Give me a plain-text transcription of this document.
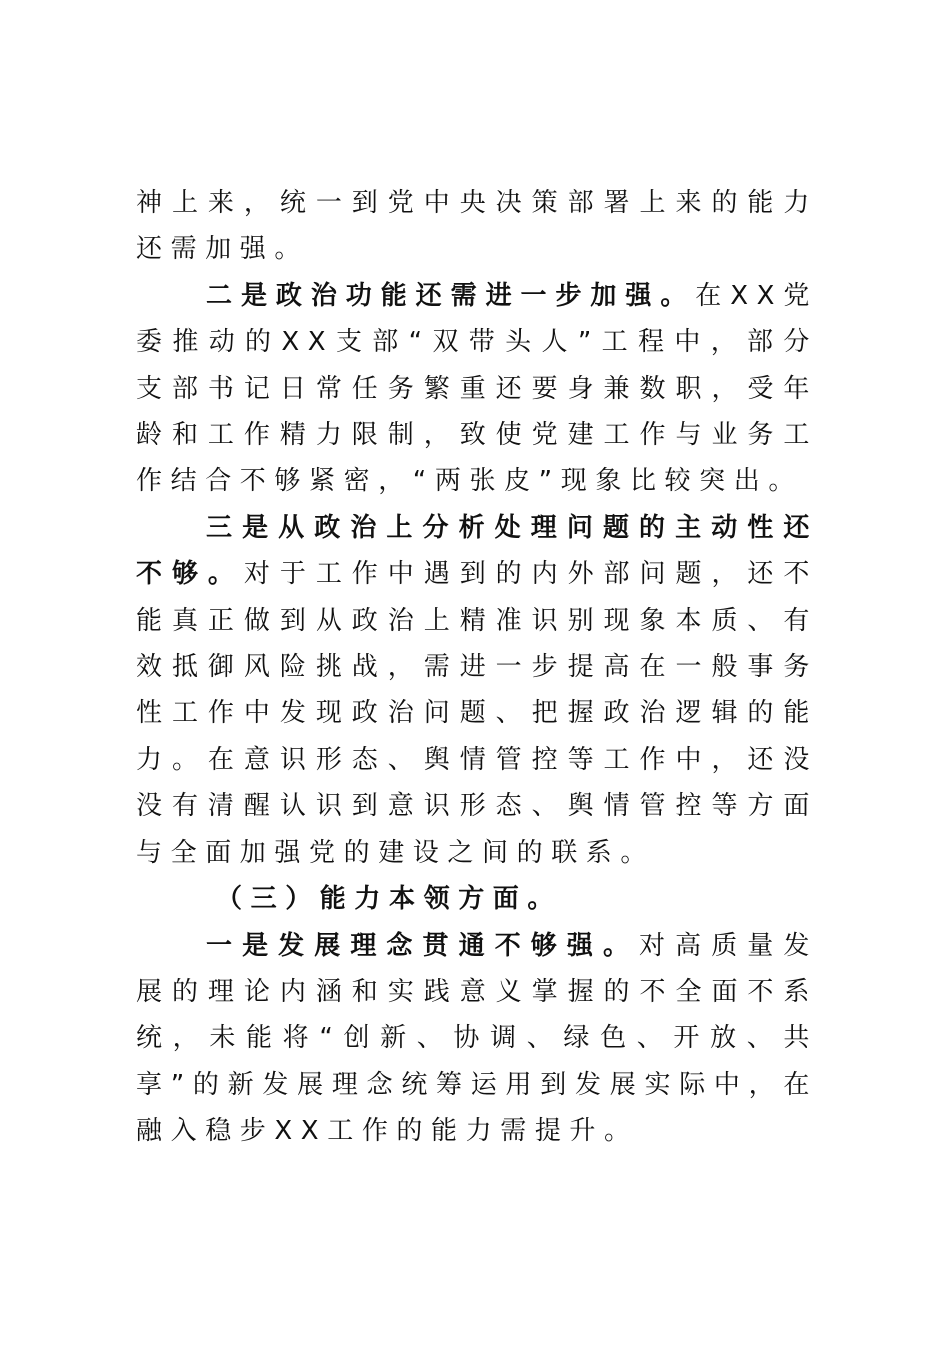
神上来，统一到党中央决策部署上来的能力还需加强。

二是政治功能还需进一步加强。在XX党委推动的XX支部“双带头人”工程中，部分支部书记日常任务繁重还要身兼数职，受年龄和工作精力限制，致使党建工作与业务工作结合不够紧密，“两张皮”现象比较突出。

三是从政治上分析处理问题的主动性还不够。对于工作中遇到的内外部问题，还不能真正做到从政治上精准识别现象本质、有效抵御风险挑战，需进一步提高在一般事务性工作中发现政治问题、把握政治逻辑的能力。在意识形态、舆情管控等工作中，还没没有清醒认识到意识形态、舆情管控等方面与全面加强党的建设之间的联系。

（三）能力本领方面。

一是发展理念贯通不够强。对高质量发展的理论内涵和实践意义掌握的不全面不系统，未能将“创新、协调、绿色、开放、共享”的新发展理念统筹运用到发展实际中，在融入稳步XX工作的能力需提升。
